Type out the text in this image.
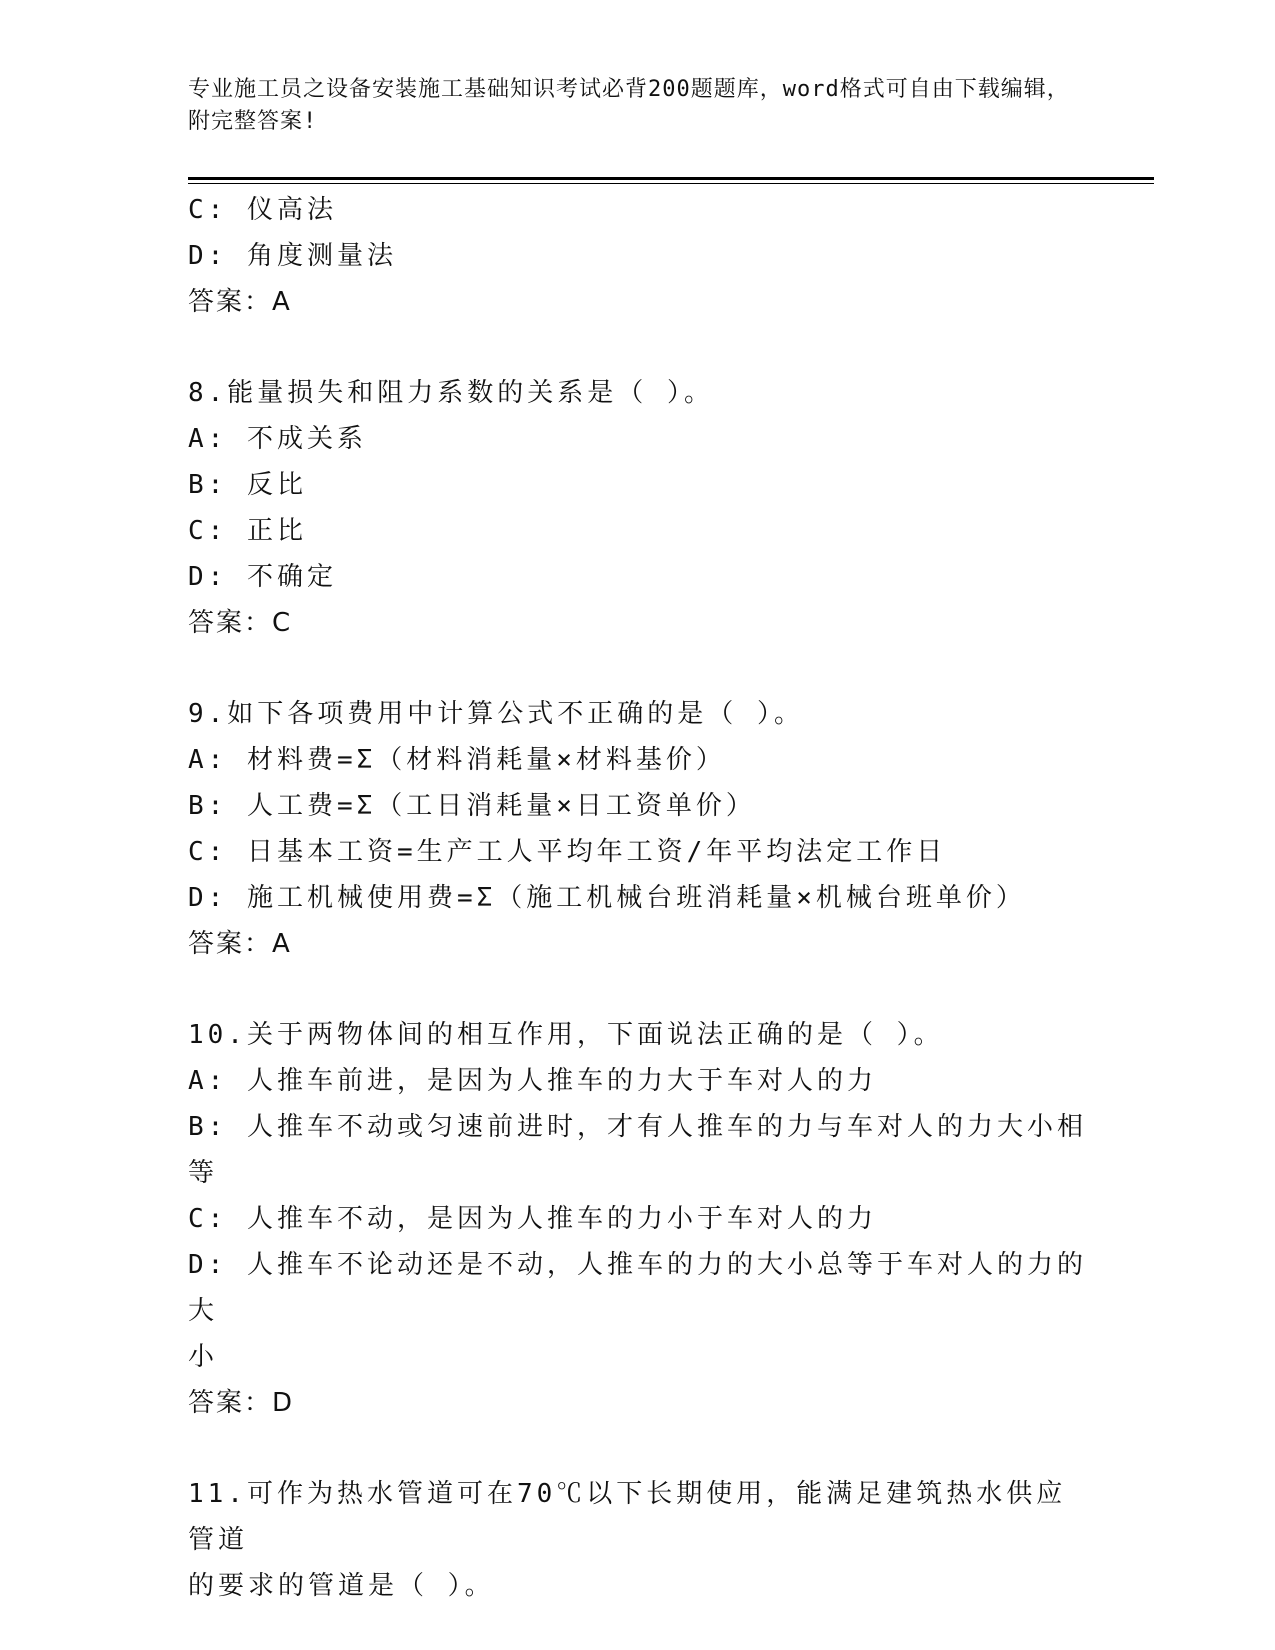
专业施工员之设备安装施工基础知识考试必背200题题库，word格式可自由下载编辑，附完整答案!
C: 仪高法
D: 角度测量法
答案：A
8.能量损失和阻力系数的关系是（ ）。
A: 不成关系
B: 反比
C: 正比
D: 不确定
答案：C
9.如下各项费用中计算公式不正确的是（ ）。
A: 材料费=Σ（材料消耗量×材料基价）
B: 人工费=Σ（工日消耗量×日工资单价）
C: 日基本工资=生产工人平均年工资/年平均法定工作日
D: 施工机械使用费=Σ（施工机械台班消耗量×机械台班单价）
答案：A
10.关于两物体间的相互作用，下面说法正确的是（ ）。
A: 人推车前进，是因为人推车的力大于车对人的力
B: 人推车不动或匀速前进时，才有人推车的力与车对人的力大小相等
C: 人推车不动，是因为人推车的力小于车对人的力
D: 人推车不论动还是不动，人推车的力的大小总等于车对人的力的大
小
答案：D
11.可作为热水管道可在70℃以下长期使用，能满足建筑热水供应管道
的要求的管道是（ ）。
